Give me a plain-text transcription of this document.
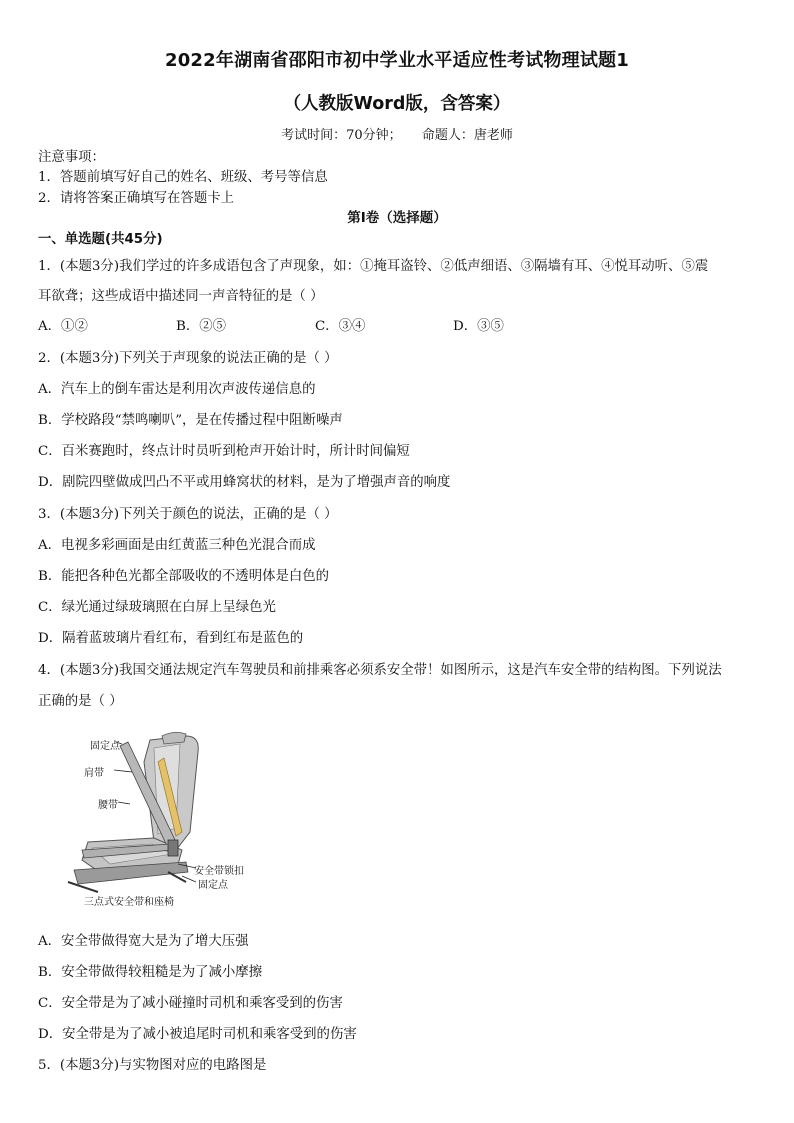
2022年湖南省邵阳市初中学业水平适应性考试物理试题1
（人教版Word版，含答案）
考试时间：70分钟； 命题人：唐老师
注意事项：
1．答题前填写好自己的姓名、班级、考号等信息
2．请将答案正确填写在答题卡上
第I卷（选择题）
一、单选题(共45分)
1．(本题3分)我们学过的许多成语包含了声现象，如：①掩耳盗铃、②低声细语、③隔墙有耳、④悦耳动听、⑤震
耳欲聋；这些成语中描述同一声音特征的是（ ）
A．①②	B．②⑤	C．③④	D．③⑤
2．(本题3分)下列关于声现象的说法正确的是（ ）
A．汽车上的倒车雷达是利用次声波传递信息的
B．学校路段“禁鸣喇叭”，是在传播过程中阻断噪声
C．百米赛跑时，终点计时员听到枪声开始计时，所计时间偏短
D．剧院四壁做成凹凸不平或用蜂窝状的材料，是为了增强声音的响度
3．(本题3分)下列关于颜色的说法，正确的是（ ）
A．电视多彩画面是由红黄蓝三种色光混合而成
B．能把各种色光都全部吸收的不透明体是白色的
C．绿光通过绿玻璃照在白屏上呈绿色光
D．隔着蓝玻璃片看红布，看到红布是蓝色的
4．(本题3分)我国交通法规定汽车驾驶员和前排乘客必须系安全带！如图所示，这是汽车安全带的结构图。下列说法
正确的是（ ）
固定点
肩带
腰带
安全带锁扣
固定点
三点式安全带和座椅
A．安全带做得宽大是为了增大压强
B．安全带做得较粗糙是为了减小摩擦
C．安全带是为了减小碰撞时司机和乘客受到的伤害
D．安全带是为了减小被追尾时司机和乘客受到的伤害
5．(本题3分)与实物图对应的电路图是
